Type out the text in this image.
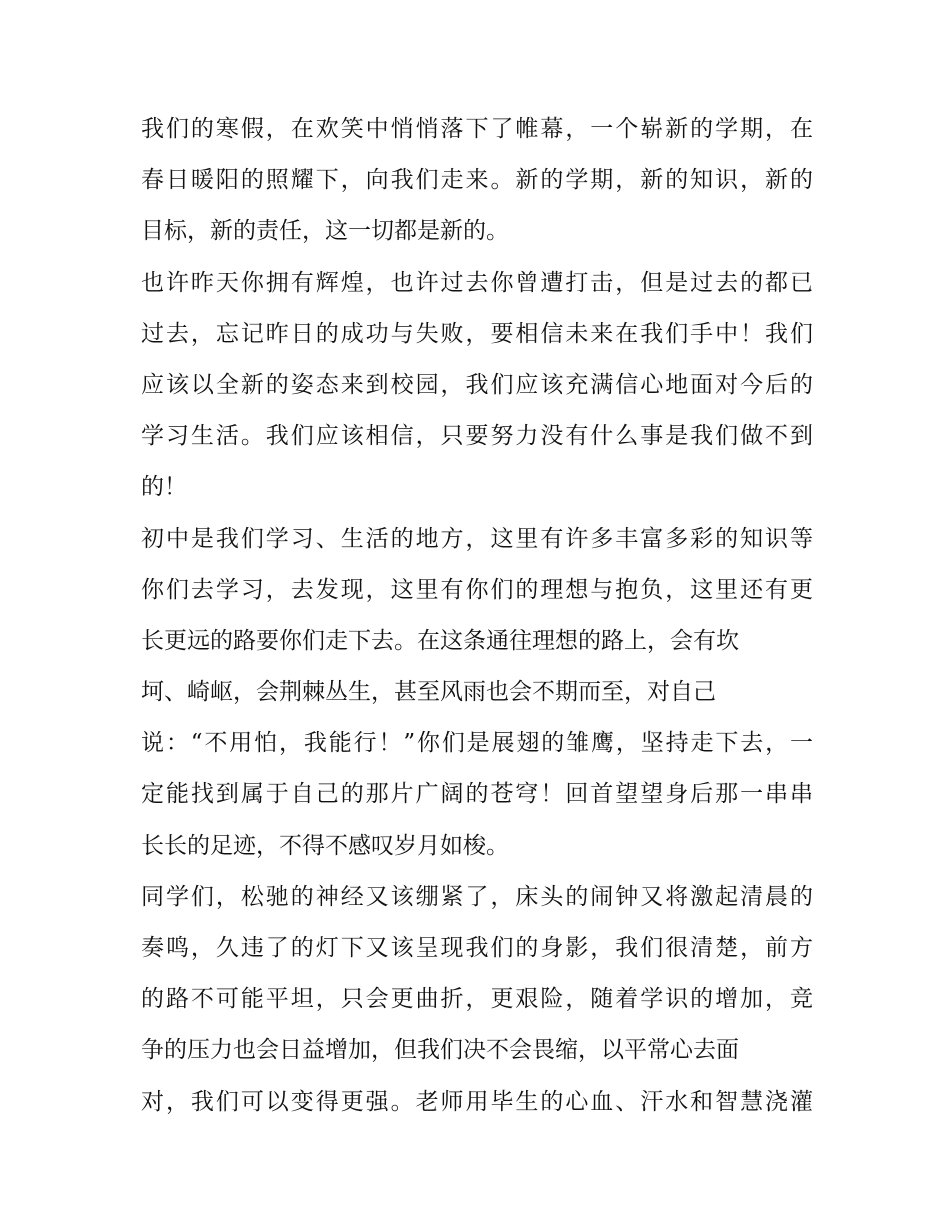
我们的寒假，在欢笑中悄悄落下了帷幕，一个崭新的学期，在
春日暖阳的照耀下，向我们走来。新的学期，新的知识，新的
目标，新的责任，这一切都是新的。
也许昨天你拥有辉煌，也许过去你曾遭打击，但是过去的都已
过去，忘记昨日的成功与失败，要相信未来在我们手中！我们
应该以全新的姿态来到校园，我们应该充满信心地面对今后的
学习生活。我们应该相信，只要努力没有什么事是我们做不到
的！
初中是我们学习、生活的地方，这里有许多丰富多彩的知识等
你们去学习，去发现，这里有你们的理想与抱负，这里还有更
长更远的路要你们走下去。在这条通往理想的路上，会有坎
坷、崎岖，会荆棘丛生，甚至风雨也会不期而至，对自己
说：“不用怕，我能行！”你们是展翅的雏鹰，坚持走下去，一
定能找到属于自己的那片广阔的苍穹！回首望望身后那一串串
长长的足迹，不得不感叹岁月如梭。
同学们，松驰的神经又该绷紧了，床头的闹钟又将激起清晨的
奏鸣，久违了的灯下又该呈现我们的身影，我们很清楚，前方
的路不可能平坦，只会更曲折，更艰险，随着学识的增加，竞
争的压力也会日益增加，但我们决不会畏缩，以平常心去面
对，我们可以变得更强。老师用毕生的心血、汗水和智慧浇灌
